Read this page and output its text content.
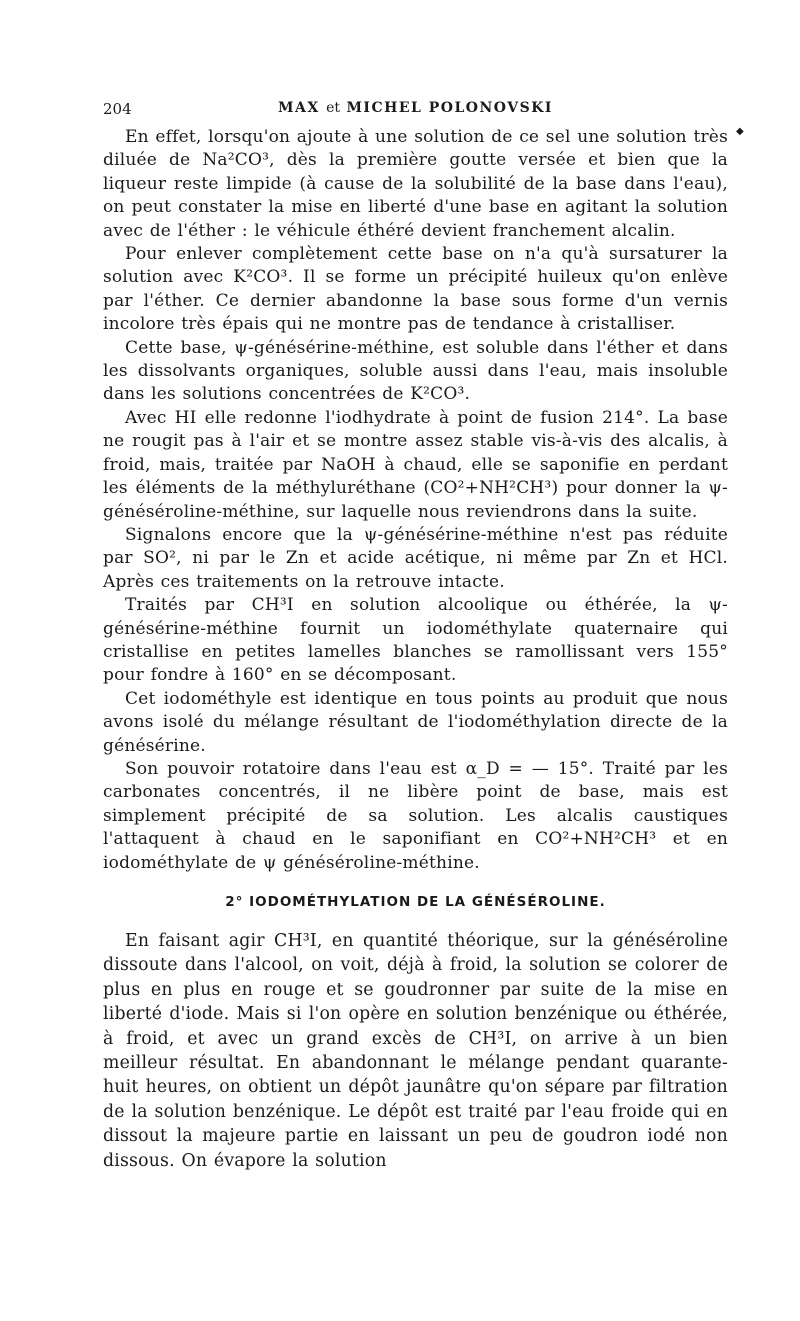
204	MAX et MICHEL POLONOVSKI
◆

En effet, lorsqu'on ajoute à une solution de ce sel une solution très diluée de Na²CO³, dès la première goutte versée et bien que la liqueur reste limpide (à cause de la solubilité de la base dans l'eau), on peut constater la mise en liberté d'une base en agitant la solution avec de l'éther : le véhicule éthéré devient franchement alcalin.

Pour enlever complètement cette base on n'a qu'à sursaturer la solution avec K²CO³. Il se forme un précipité huileux qu'on enlève par l'éther. Ce dernier abandonne la base sous forme d'un vernis incolore très épais qui ne montre pas de tendance à cristalliser.

Cette base, ψ-génésérine-méthine, est soluble dans l'éther et dans les dissolvants organiques, soluble aussi dans l'eau, mais insoluble dans les solutions concentrées de K²CO³.

Avec HI elle redonne l'iodhydrate à point de fusion 214°. La base ne rougit pas à l'air et se montre assez stable vis-à-vis des alcalis, à froid, mais, traitée par NaOH à chaud, elle se saponifie en perdant les éléments de la méthyluréthane (CO²+NH²CH³) pour donner la ψ-généséroline-méthine, sur laquelle nous reviendrons dans la suite.

Signalons encore que la ψ-génésérine-méthine n'est pas réduite par SO², ni par le Zn et acide acétique, ni même par Zn et HCl. Après ces traitements on la retrouve intacte.

Traités par CH³I en solution alcoolique ou éthérée, la ψ-génésérine-méthine fournit un iodométhylate quaternaire qui cristallise en petites lamelles blanches se ramollissant vers 155° pour fondre à 160° en se décomposant.

Cet iodométhyle est identique en tous points au produit que nous avons isolé du mélange résultant de l'iodométhylation directe de la génésérine.

Son pouvoir rotatoire dans l'eau est α_D = — 15°. Traité par les carbonates concentrés, il ne libère point de base, mais est simplement précipité de sa solution. Les alcalis caustiques l'attaquent à chaud en le saponifiant en CO²+NH²CH³ et en iodométhylate de ψ généséroline-méthine.

2° IODOMÉTHYLATION DE LA GÉNÉSÉROLINE.

En faisant agir CH³I, en quantité théorique, sur la généséroline dissoute dans l'alcool, on voit, déjà à froid, la solution se colorer de plus en plus en rouge et se goudronner par suite de la mise en liberté d'iode. Mais si l'on opère en solution benzénique ou éthérée, à froid, et avec un grand excès de CH³I, on arrive à un bien meilleur résultat. En abandonnant le mélange pendant quarante-huit heures, on obtient un dépôt jaunâtre qu'on sépare par filtration de la solution benzénique. Le dépôt est traité par l'eau froide qui en dissout la majeure partie en laissant un peu de goudron iodé non dissous. On évapore la solution
